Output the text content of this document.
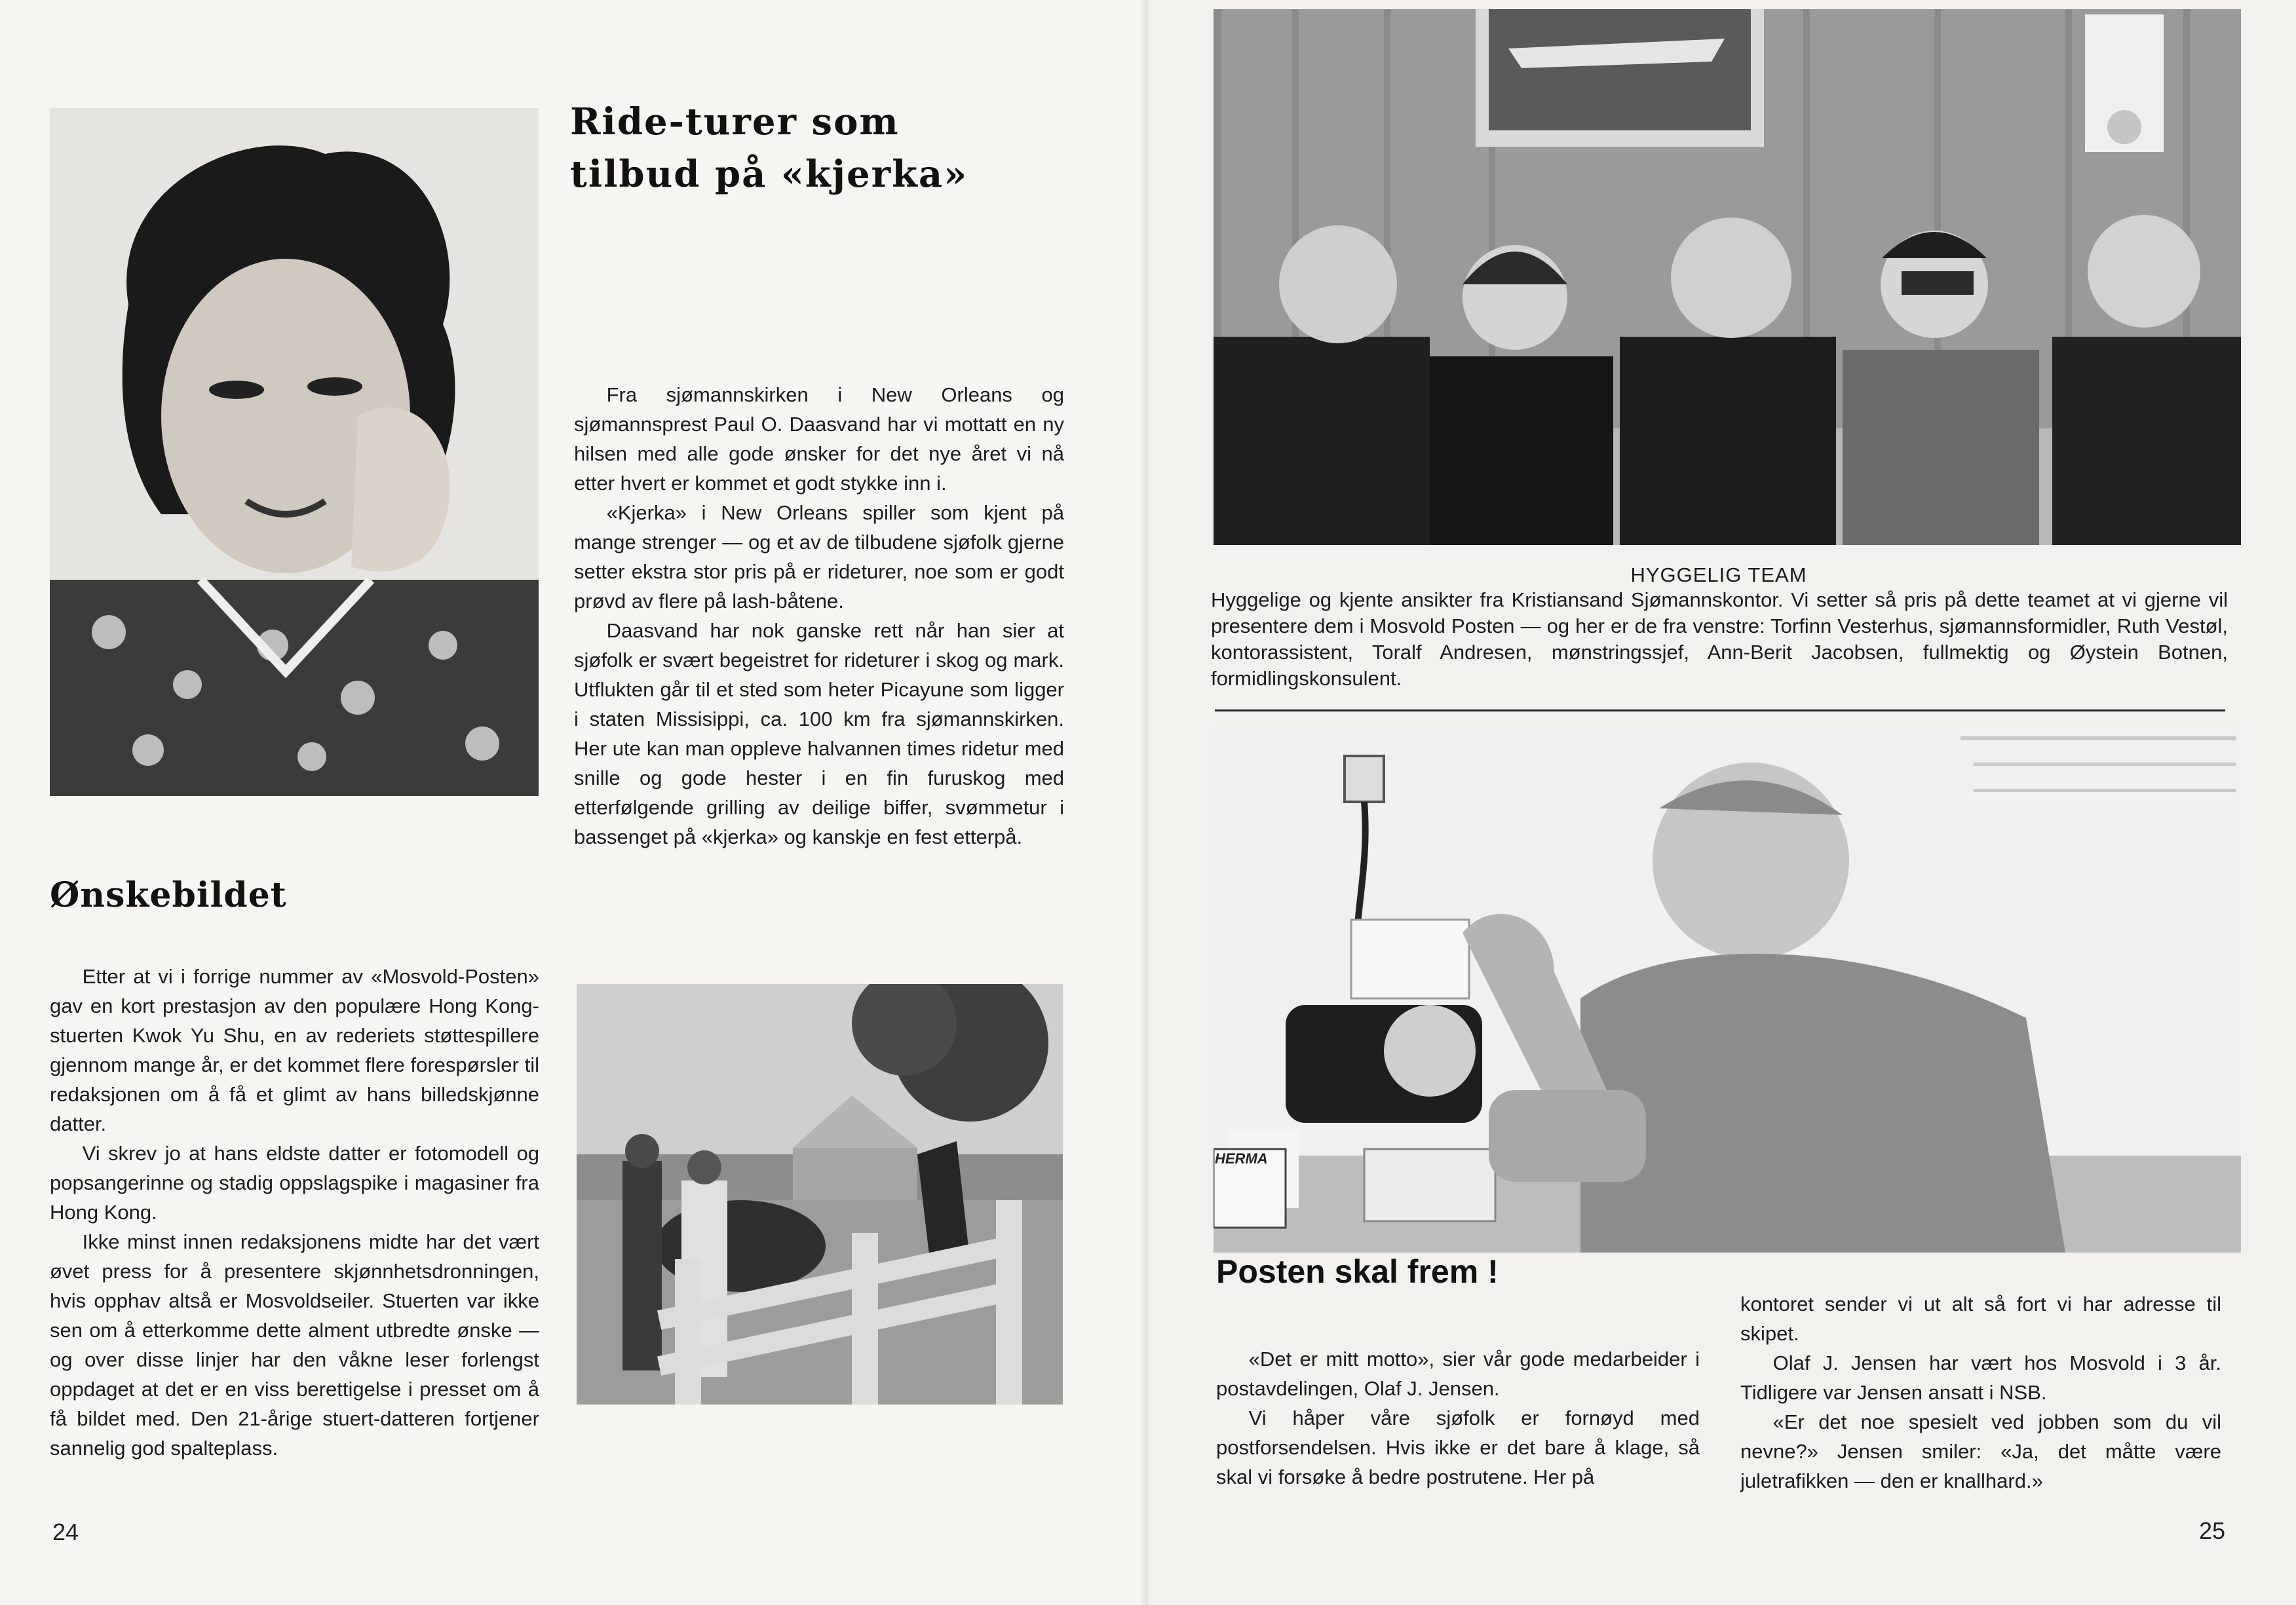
Ønskebildet

Etter at vi i forrige nummer av «Mosvold-Posten» gav en kort prestasjon av den populære Hong Kong-stuerten Kwok Yu Shu, en av rederiets støttespillere gjennom mange år, er det kommet flere forespørsler til redaksjonen om å få et glimt av hans billedskjønne datter.

Vi skrev jo at hans eldste datter er fotomodell og popsangerinne og stadig oppslagspike i magasiner fra Hong Kong.

Ikke minst innen redaksjonens midte har det vært øvet press for å presentere skjønnhetsdronningen, hvis opphav altså er Mosvoldseiler. Stuerten var ikke sen om å etterkomme dette alment utbredte ønske — og over disse linjer har den våkne leser forlengst oppdaget at det er en viss berettigelse i presset om å få bildet med. Den 21-årige stuert-datteren fortjener sannelig god spalteplass.

Ride-turer som
tilbud på «kjerka»

Fra sjømannskirken i New Orleans og sjømannsprest Paul O. Daasvand har vi mottatt en ny hilsen med alle gode ønsker for det nye året vi nå etter hvert er kommet et godt stykke inn i.

«Kjerka» i New Orleans spiller som kjent på mange strenger — og et av de tilbudene sjøfolk gjerne setter ekstra stor pris på er rideturer, noe som er godt prøvd av flere på lash-båtene.

Daasvand har nok ganske rett når han sier at sjøfolk er svært begeistret for rideturer i skog og mark. Utflukten går til et sted som heter Picayune som ligger i staten Missisippi, ca. 100 km fra sjømannskirken. Her ute kan man oppleve halvannen times ridetur med snille og gode hester i en fin furuskog med etterfølgende grilling av deilige biffer, svømmetur i bassenget på «kjerka» og kanskje en fest etterpå.

24
HYGGELIG TEAM
Hyggelige og kjente ansikter fra Kristiansand Sjømannskontor. Vi setter så pris på dette teamet at vi gjerne vil presentere dem i Mosvold Posten — og her er de fra venstre: Torfinn Vesterhus, sjømannsformidler, Ruth Vestøl, kontorassistent, Toralf Andresen, mønstringssjef, Ann-Berit Jacobsen, fullmektig og Øystein Botnen, formidlingskonsulent.
HERMA
Posten skal frem !

«Det er mitt motto», sier vår gode medarbeider i postavdelingen, Olaf J. Jensen.

Vi håper våre sjøfolk er fornøyd med postforsendelsen. Hvis ikke er det bare å klage, så skal vi forsøke å bedre postrutene. Her på

kontoret sender vi ut alt så fort vi har adresse til skipet.

Olaf J. Jensen har vært hos Mosvold i 3 år. Tidligere var Jensen ansatt i NSB.

«Er det noe spesielt ved jobben som du vil nevne?» Jensen smiler: «Ja, det måtte være juletrafikken — den er knallhard.»

25
